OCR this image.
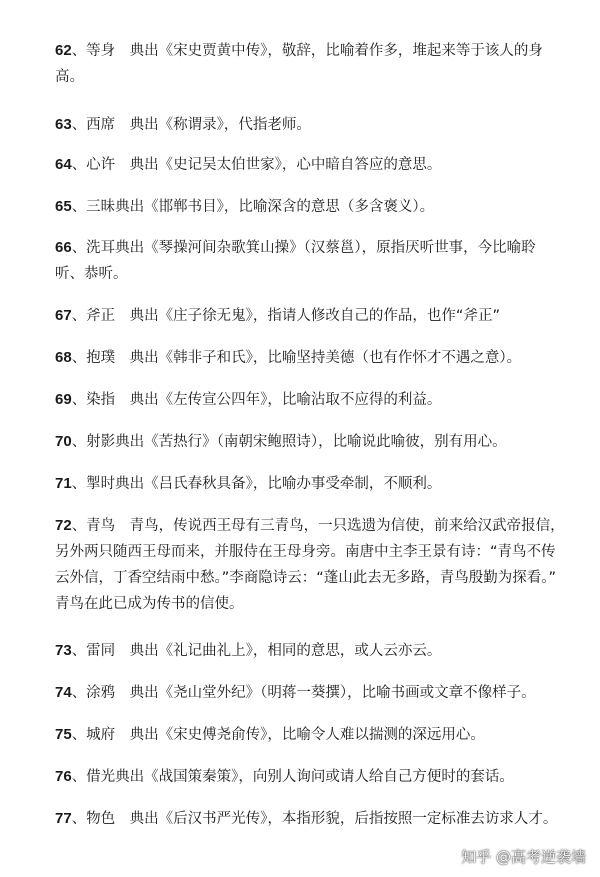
62、等身　典出《宋史贾黄中传》，敬辞，比喻着作多，堆起来等于该人的身
高。
63、西席　典出《称谓录》，代指老师。
64、心许　典出《史记吴太伯世家》，心中暗自答应的意思。
65、三昧典出《邯郸书目》，比喻深含的意思（多含褒义）。
66、洗耳典出《琴操河间杂歌箕山操》（汉蔡邕），原指厌听世事，今比喻聆
听、恭听。
67、斧正　典出《庄子徐无鬼》，指请人修改自己的作品，也作“斧正”
68、抱璞　典出《韩非子和氏》，比喻坚持美德（也有作怀才不遇之意）。
69、染指　典出《左传宣公四年》，比喻沾取不应得的利益。
70、射影典出《苦热行》（南朝宋鲍照诗），比喻说此喻彼，别有用心。
71、掣时典出《吕氏春秋具备》，比喻办事受牵制，不顺利。
72、青鸟　青鸟，传说西王母有三青鸟，一只选遗为信使，前来给汉武帝报信，
另外两只随西王母而来，并服侍在王母身旁。南唐中主李王景有诗：“青鸟不传
云外信，丁香空结雨中愁。”李商隐诗云：“蓬山此去无多路，青鸟殷勤为探看。”
青鸟在此已成为传书的信使。
73、雷同　典出《礼记曲礼上》，相同的意思，或人云亦云。
74、涂鸦　典出《尧山堂外纪》（明蒋一葵撰），比喻书画或文章不像样子。
75、城府　典出《宋史傅尧俞传》，比喻令人难以揣测的深远用心。
76、借光典出《战国策秦策》，向别人询问或请人给自己方便时的套话。
77、物色　典出《后汉书严光传》，本指形貌，后指按照一定标准去访求人才。
知乎 @高考逆袭墙
